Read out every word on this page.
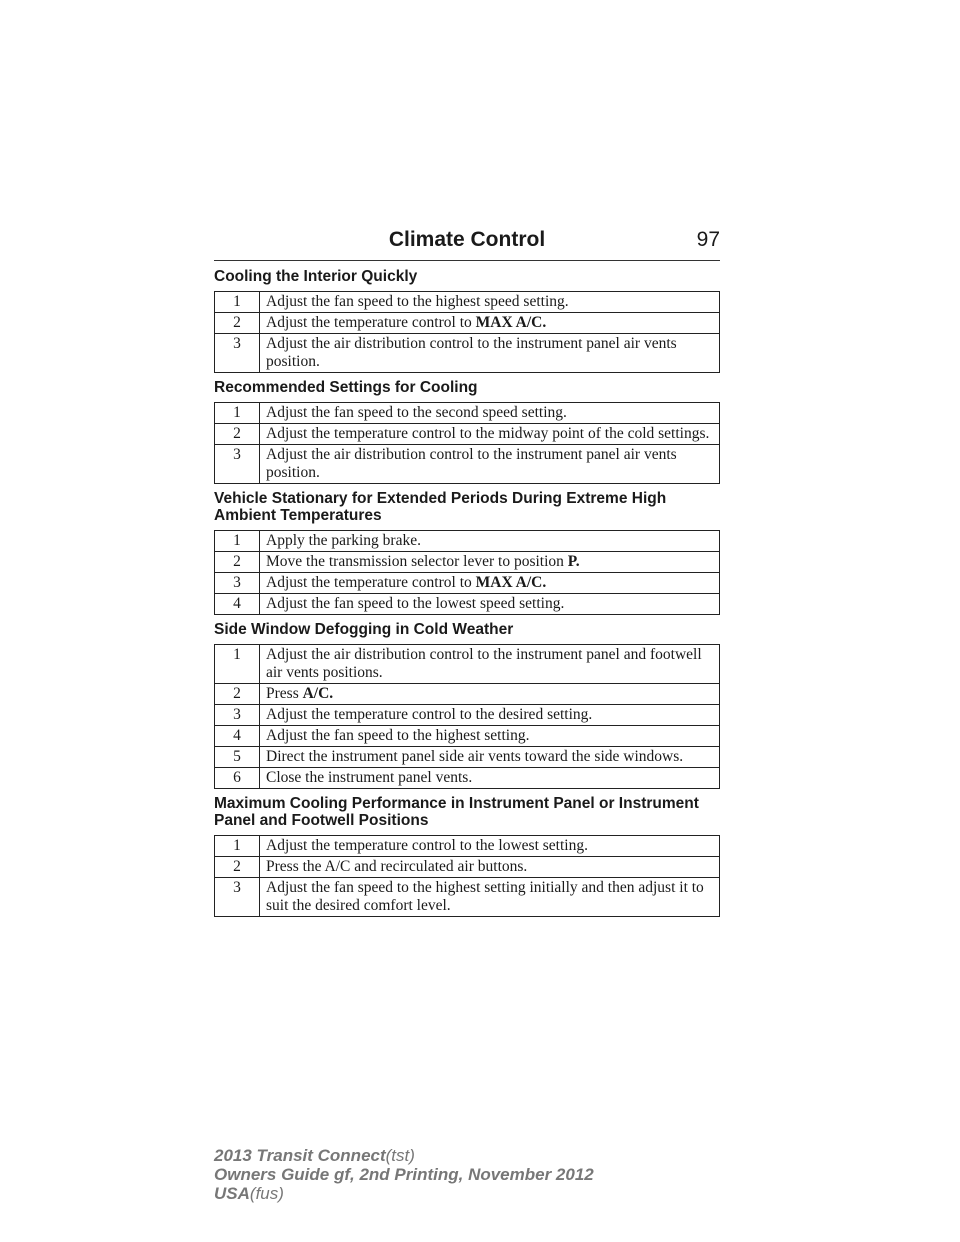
Climate Control	97
Cooling the Interior Quickly
1	Adjust the fan speed to the highest speed setting.
2	Adjust the temperature control to MAX A/C.
3	Adjust the air distribution control to the instrument panel air vents position.
Recommended Settings for Cooling
1	Adjust the fan speed to the second speed setting.
2	Adjust the temperature control to the midway point of the cold settings.
3	Adjust the air distribution control to the instrument panel air vents position.
Vehicle Stationary for Extended Periods During Extreme High Ambient Temperatures
1	Apply the parking brake.
2	Move the transmission selector lever to position P.
3	Adjust the temperature control to MAX A/C.
4	Adjust the fan speed to the lowest speed setting.
Side Window Defogging in Cold Weather
1	Adjust the air distribution control to the instrument panel and footwell air vents positions.
2	Press A/C.
3	Adjust the temperature control to the desired setting.
4	Adjust the fan speed to the highest setting.
5	Direct the instrument panel side air vents toward the side windows.
6	Close the instrument panel vents.
Maximum Cooling Performance in Instrument Panel or Instrument Panel and Footwell Positions
1	Adjust the temperature control to the lowest setting.
2	Press the A/C and recirculated air buttons.
3	Adjust the fan speed to the highest setting initially and then adjust it to suit the desired comfort level.
2013 Transit Connect(tst)
Owners Guide gf, 2nd Printing, November 2012
USA(fus)
